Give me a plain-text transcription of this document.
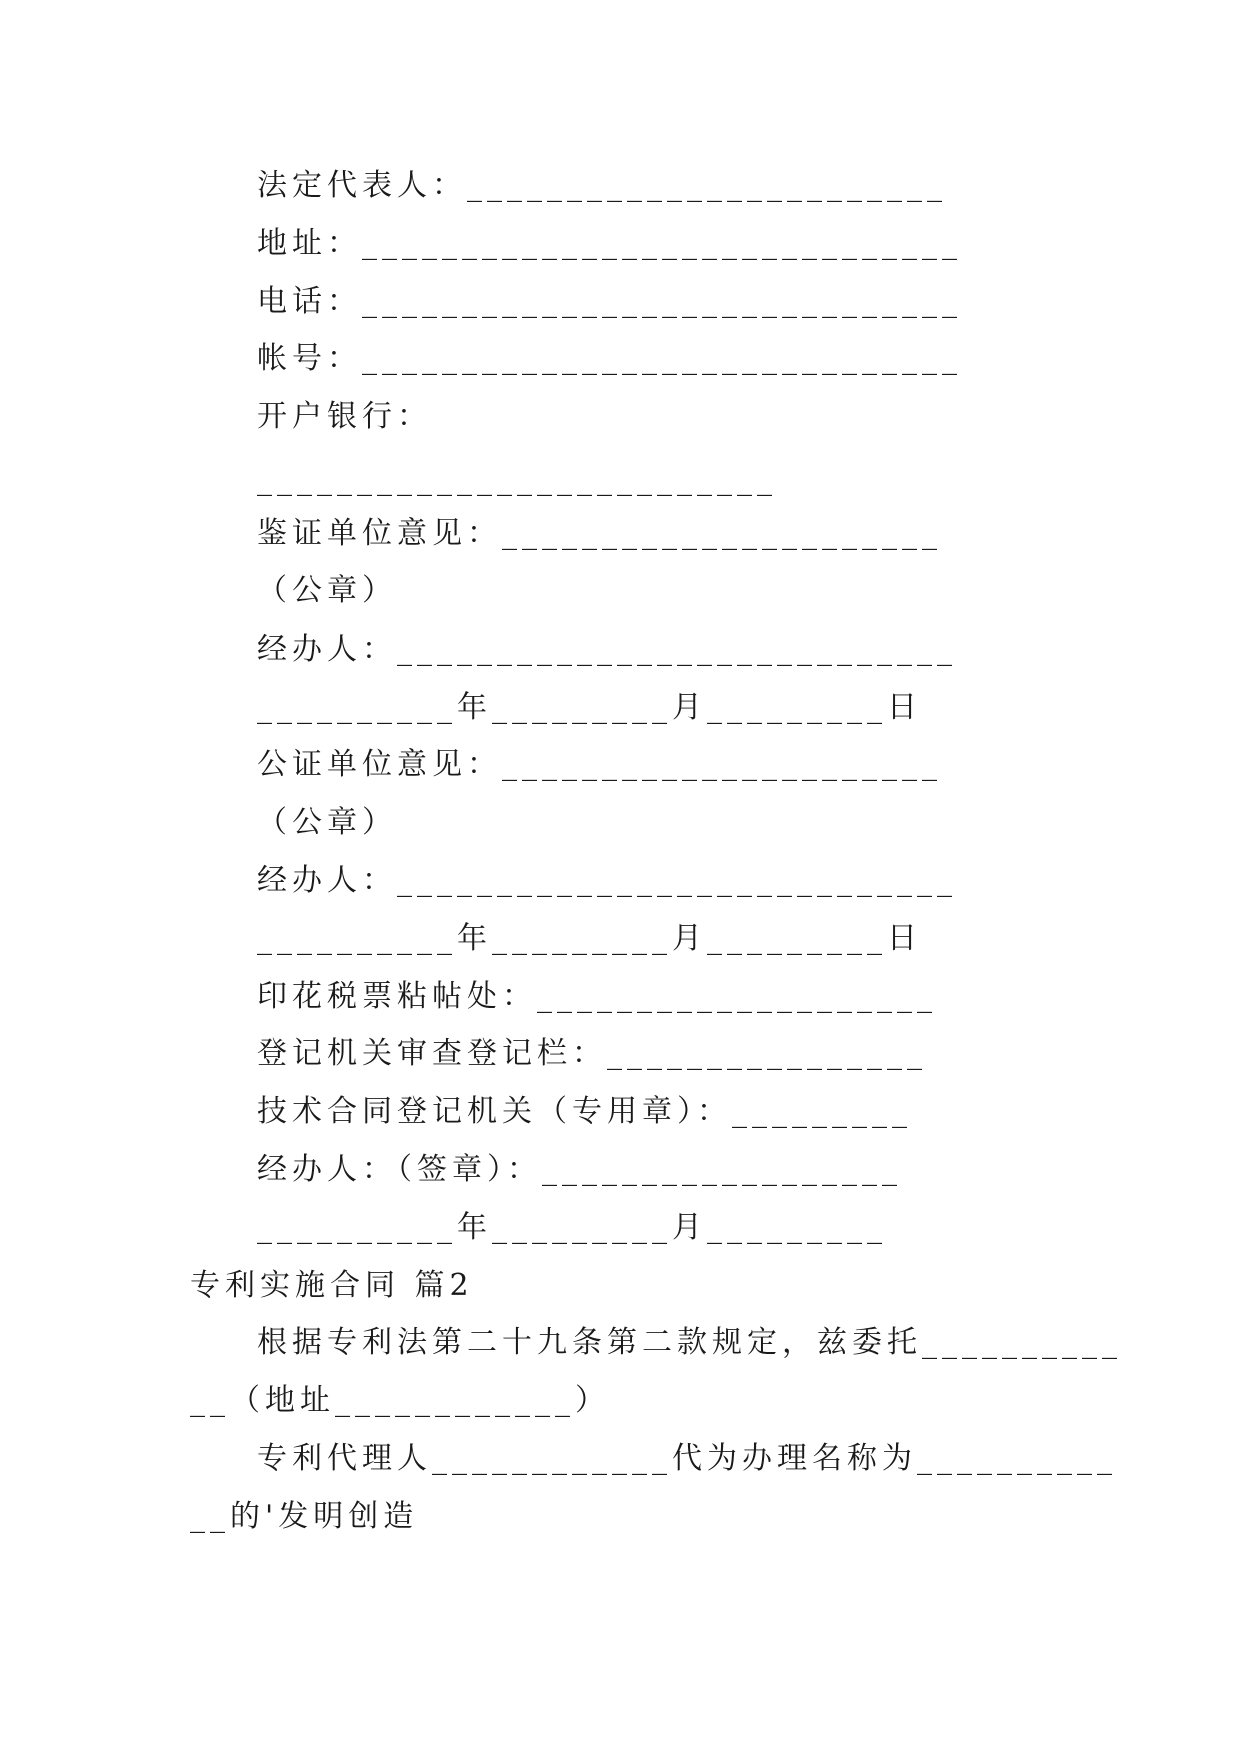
法定代表人：________________________
地址：______________________________
电话：______________________________
帐号：______________________________
开户银行：
__________________________
鉴证单位意见：______________________
（公章）
经办人：____________________________
__________年_________月_________日
公证单位意见：______________________
（公章）
经办人：____________________________
__________年_________月_________日
印花税票粘帖处：____________________
登记机关审查登记栏：________________
技术合同登记机关（专用章）：_________
经办人：（签章）：__________________
__________年_________月_________
专利实施合同 篇2
根据专利法第二十九条第二款规定，兹委托__________
__（地址____________）
专利代理人____________代为办理名称为__________
__的'发明创造
